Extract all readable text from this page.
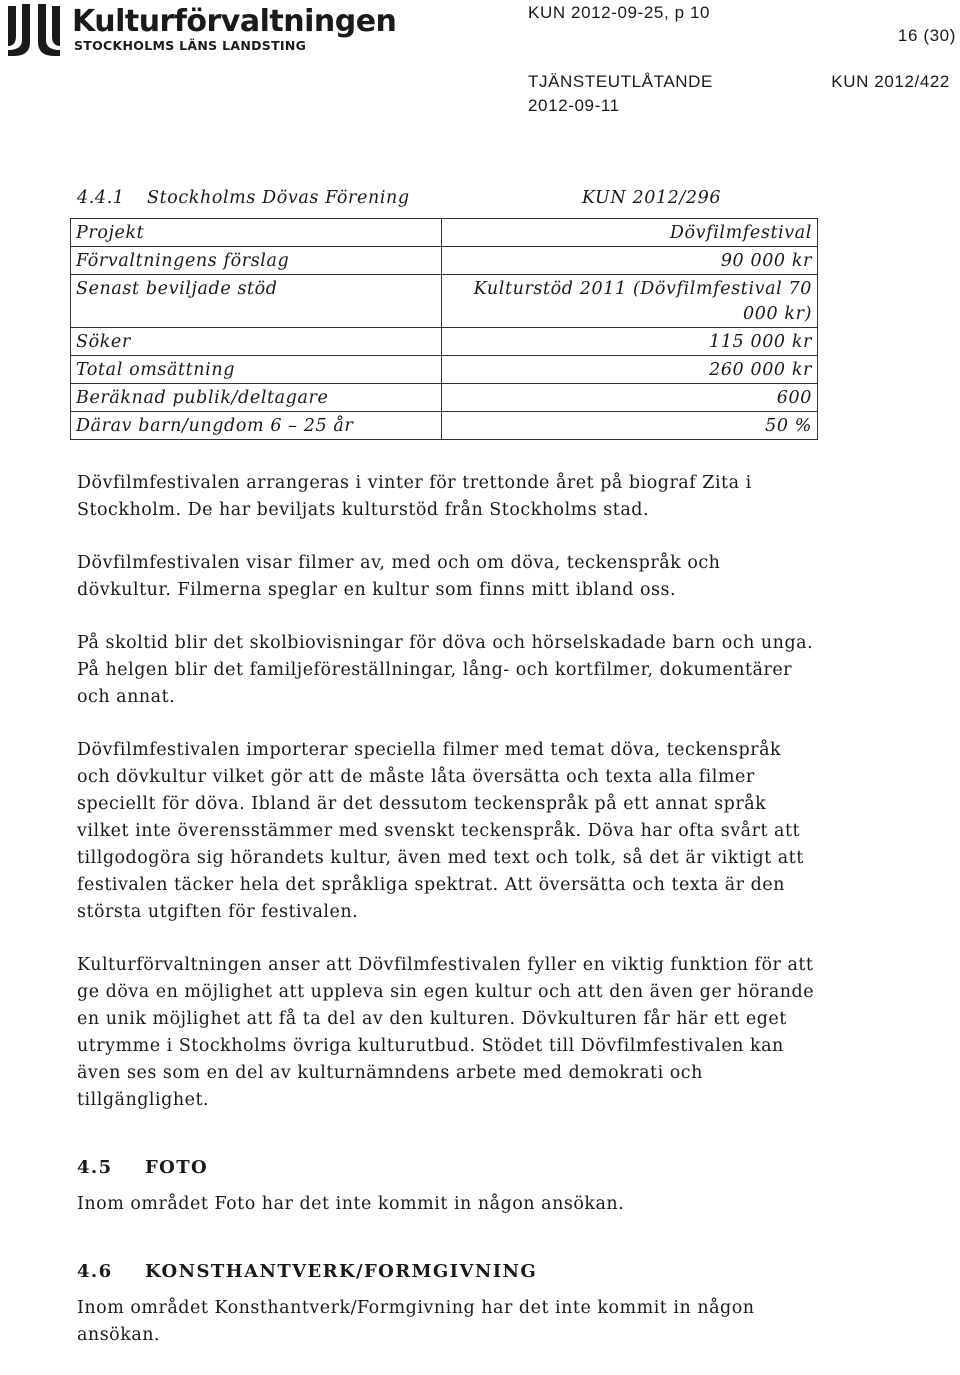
Kulturförvaltningen
STOCKHOLMS LÄNS LANDSTING
KUN 2012-09-25, p 10
16 (30)
TJÄNSTEUTLÅTANDE	KUN 2012/422
2012-09-11
4.4.1 Stockholms Dövas Förening	KUN 2012/296
Projekt	Dövfilmfestival
Förvaltningens förslag	90 000 kr
Senast beviljade stöd	Kulturstöd 2011 (Dövfilmfestival 70 000 kr)
Söker	115 000 kr
Total omsättning	260 000 kr
Beräknad publik/deltagare	600
Därav barn/ungdom 6 – 25 år	50 %

Dövfilmfestivalen arrangeras i vinter för trettonde året på biograf Zita i Stockholm. De har beviljats kulturstöd från Stockholms stad.

Dövfilmfestivalen visar filmer av, med och om döva, teckenspråk och dövkultur. Filmerna speglar en kultur som finns mitt ibland oss.

På skoltid blir det skolbiovisningar för döva och hörselskadade barn och unga. På helgen blir det familjeföreställningar, lång- och kortfilmer, dokumentärer och annat.

Dövfilmfestivalen importerar speciella filmer med temat döva, teckenspråk och dövkultur vilket gör att de måste låta översätta och texta alla filmer speciellt för döva. Ibland är det dessutom teckenspråk på ett annat språk vilket inte överensstämmer med svenskt teckenspråk. Döva har ofta svårt att tillgodogöra sig hörandets kultur, även med text och tolk, så det är viktigt att festivalen täcker hela det språkliga spektrat. Att översätta och texta är den största utgiften för festivalen.

Kulturförvaltningen anser att Dövfilmfestivalen fyller en viktig funktion för att ge döva en möjlighet att uppleva sin egen kultur och att den även ger hörande en unik möjlighet att få ta del av den kulturen. Dövkulturen får här ett eget utrymme i Stockholms övriga kulturutbud. Stödet till Dövfilmfestivalen kan även ses som en del av kulturnämndens arbete med demokrati och tillgänglighet.

4.5 FOTO

Inom området Foto har det inte kommit in någon ansökan.

4.6 KONSTHANTVERK/FORMGIVNING

Inom området Konsthantverk/Formgivning har det inte kommit in någon ansökan.
